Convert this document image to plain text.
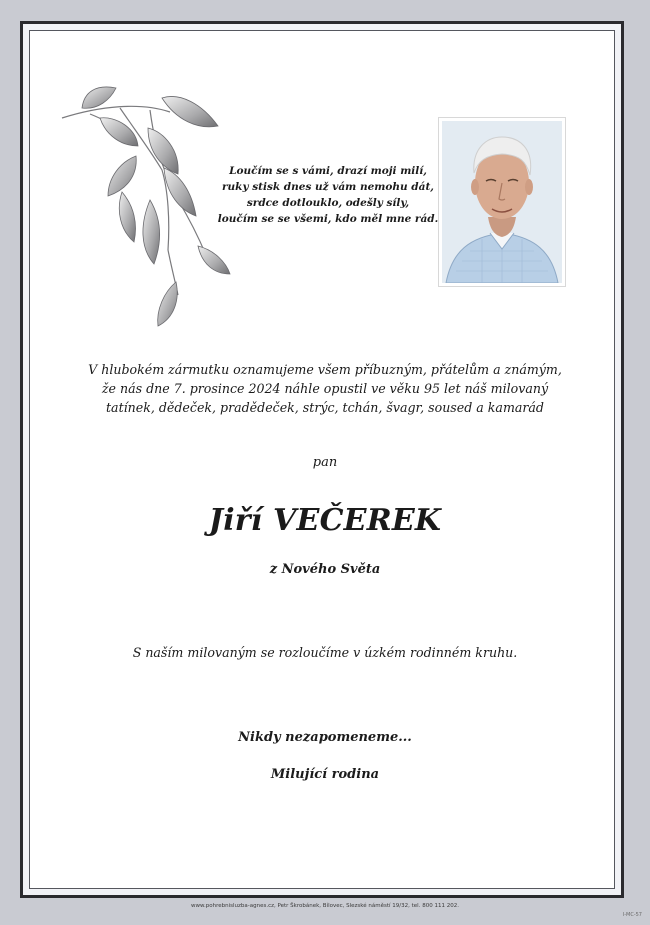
Loučím se s vámi, drazí moji milí,
ruky stisk dnes už vám nemohu dát,
srdce dotlouklo, odešly síly,
loučím se se všemi, kdo měl mne rád.
V hlubokém zármutku oznamujeme všem příbuzným, přátelům a známým,
že nás dne 7. prosince 2024 náhle opustil ve věku 95 let náš milovaný
tatínek, dědeček, pradědeček, strýc, tchán, švagr, soused a kamarád
pan
Jiří VEČEREK
z Nového Světa
S naším milovaným se rozloučíme v úzkém rodinném kruhu.
Nikdy nezapomeneme...
Milující rodina
www.pohrebnisluzba-agnes.cz, Petr Škrobánek, Bílovec, Slezské náměstí 19/32, tel. 800 111 202.
I-MC-57
